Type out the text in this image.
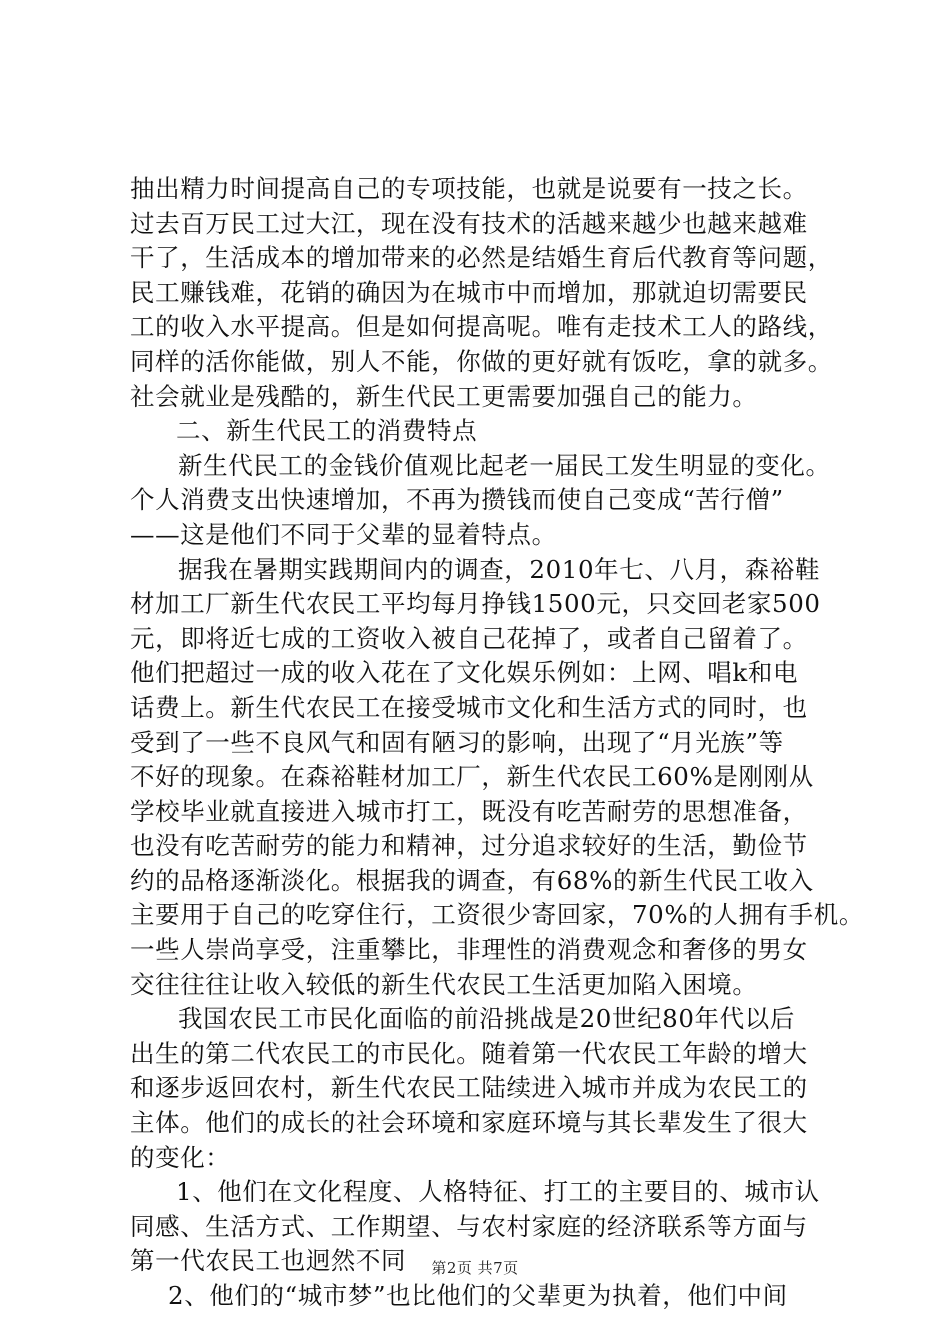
抽出精力时间提高自己的专项技能，也就是说要有一技之长。
过去百万民工过大江，现在没有技术的活越来越少也越来越难
干了，生活成本的增加带来的必然是结婚生育后代教育等问题，
民工赚钱难，花销的确因为在城市中而增加，那就迫切需要民
工的收入水平提高。但是如何提高呢。唯有走技术工人的路线，
同样的活你能做，别人不能，你做的更好就有饭吃，拿的就多。
社会就业是残酷的，新生代民工更需要加强自己的能力。
二、新生代民工的消费特点
新生代民工的金钱价值观比起老一届民工发生明显的变化。
个人消费支出快速增加，不再为攒钱而使自己变成“苦行僧”
——这是他们不同于父辈的显着特点。
据我在暑期实践期间内的调查，2010年七、八月，森裕鞋
材加工厂新生代农民工平均每月挣钱1500元，只交回老家500
元，即将近七成的工资收入被自己花掉了，或者自己留着了。
他们把超过一成的收入花在了文化娱乐例如：上网、唱k和电
话费上。新生代农民工在接受城市文化和生活方式的同时，也
受到了一些不良风气和固有陋习的影响，出现了“月光族”等
不好的现象。在森裕鞋材加工厂，新生代农民工60%是刚刚从
学校毕业就直接进入城市打工，既没有吃苦耐劳的思想准备，
也没有吃苦耐劳的能力和精神，过分追求较好的生活，勤俭节
约的品格逐渐淡化。根据我的调查，有68%的新生代民工收入
主要用于自己的吃穿住行，工资很少寄回家，70%的人拥有手机。
一些人崇尚享受，注重攀比，非理性的消费观念和奢侈的男女
交往往往让收入较低的新生代农民工生活更加陷入困境。
我国农民工市民化面临的前沿挑战是20世纪80年代以后
出生的第二代农民工的市民化。随着第一代农民工年龄的增大
和逐步返回农村，新生代农民工陆续进入城市并成为农民工的
主体。他们的成长的社会环境和家庭环境与其长辈发生了很大
的变化：
1、他们在文化程度、人格特征、打工的主要目的、城市认
同感、生活方式、工作期望、与农村家庭的经济联系等方面与
第一代农民工也迥然不同
2、他们的“城市梦”也比他们的父辈更为执着，他们中间
第2页 共7页
